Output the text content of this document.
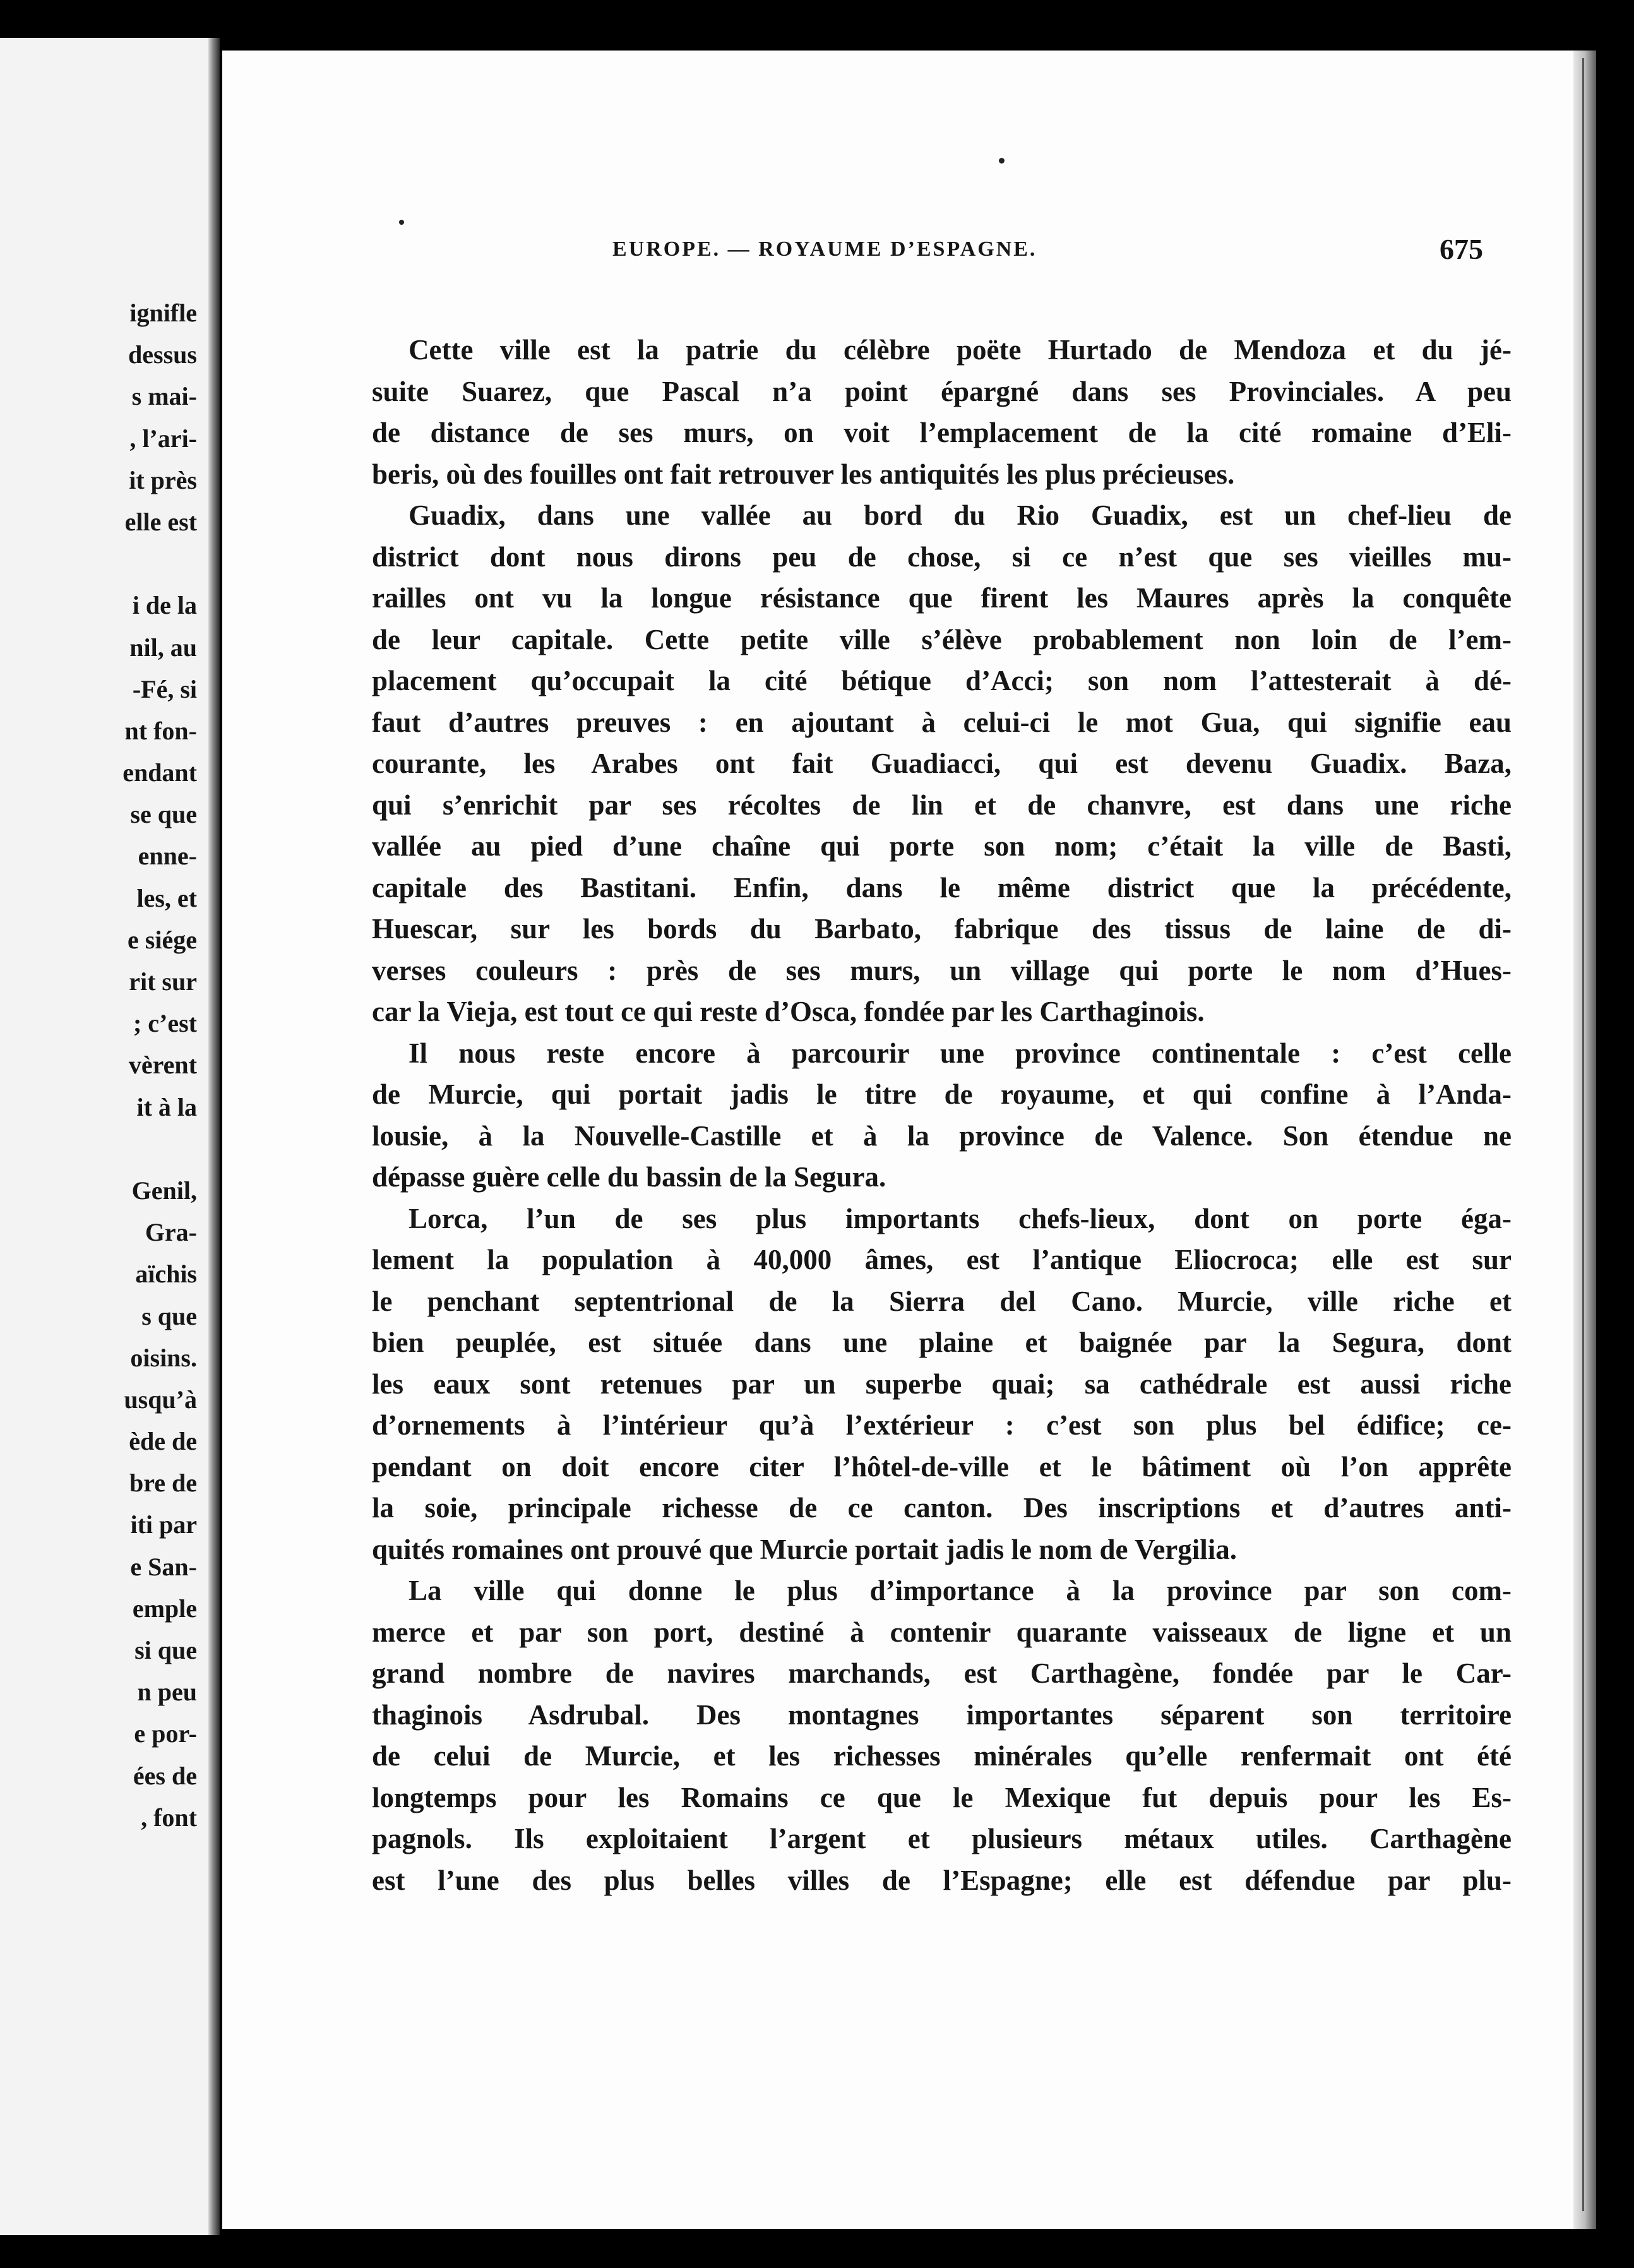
ignifle
dessus
s mai-
, l’ari-
it près
elle est
i de la
nil, au
-Fé, si
nt fon-
endant
se que
enne-
les, et
e siége
rit sur
; c’est
vèrent
it à la
Genil,
Gra-
aïchis
s que
oisins.
usqu’à
ède de
bre de
iti par
e San-
emple
si que
n peu
e por-
ées de
, font
EUROPE. — ROYAUME D’ESPAGNE.	675
Cette ville est la patrie du célèbre poëte Hurtado de Mendoza et du jé-
suite Suarez, que Pascal n’a point épargné dans ses Provinciales. A peu
de distance de ses murs, on voit l’emplacement de la cité romaine d’Eli-
beris, où des fouilles ont fait retrouver les antiquités les plus précieuses.
Guadix, dans une vallée au bord du Rio Guadix, est un chef-lieu de
district dont nous dirons peu de chose, si ce n’est que ses vieilles mu-
railles ont vu la longue résistance que firent les Maures après la conquête
de leur capitale. Cette petite ville s’élève probablement non loin de l’em-
placement qu’occupait la cité bétique d’Acci; son nom l’attesterait à dé-
faut d’autres preuves : en ajoutant à celui-ci le mot Gua, qui signifie eau
courante, les Arabes ont fait Guadiacci, qui est devenu Guadix. Baza,
qui s’enrichit par ses récoltes de lin et de chanvre, est dans une riche
vallée au pied d’une chaîne qui porte son nom; c’était la ville de Basti,
capitale des Bastitani. Enfin, dans le même district que la précédente,
Huescar, sur les bords du Barbato, fabrique des tissus de laine de di-
verses couleurs : près de ses murs, un village qui porte le nom d’Hues-
car la Vieja, est tout ce qui reste d’Osca, fondée par les Carthaginois.
Il nous reste encore à parcourir une province continentale : c’est celle
de Murcie, qui portait jadis le titre de royaume, et qui confine à l’Anda-
lousie, à la Nouvelle-Castille et à la province de Valence. Son étendue ne
dépasse guère celle du bassin de la Segura.
Lorca, l’un de ses plus importants chefs-lieux, dont on porte éga-
lement la population à 40,000 âmes, est l’antique Eliocroca; elle est sur
le penchant septentrional de la Sierra del Cano. Murcie, ville riche et
bien peuplée, est située dans une plaine et baignée par la Segura, dont
les eaux sont retenues par un superbe quai; sa cathédrale est aussi riche
d’ornements à l’intérieur qu’à l’extérieur : c’est son plus bel édifice; ce-
pendant on doit encore citer l’hôtel-de-ville et le bâtiment où l’on apprête
la soie, principale richesse de ce canton. Des inscriptions et d’autres anti-
quités romaines ont prouvé que Murcie portait jadis le nom de Vergilia.
La ville qui donne le plus d’importance à la province par son com-
merce et par son port, destiné à contenir quarante vaisseaux de ligne et un
grand nombre de navires marchands, est Carthagène, fondée par le Car-
thaginois Asdrubal. Des montagnes importantes séparent son territoire
de celui de Murcie, et les richesses minérales qu’elle renfermait ont été
longtemps pour les Romains ce que le Mexique fut depuis pour les Es-
pagnols. Ils exploitaient l’argent et plusieurs métaux utiles. Carthagène
est l’une des plus belles villes de l’Espagne; elle est défendue par plu-
